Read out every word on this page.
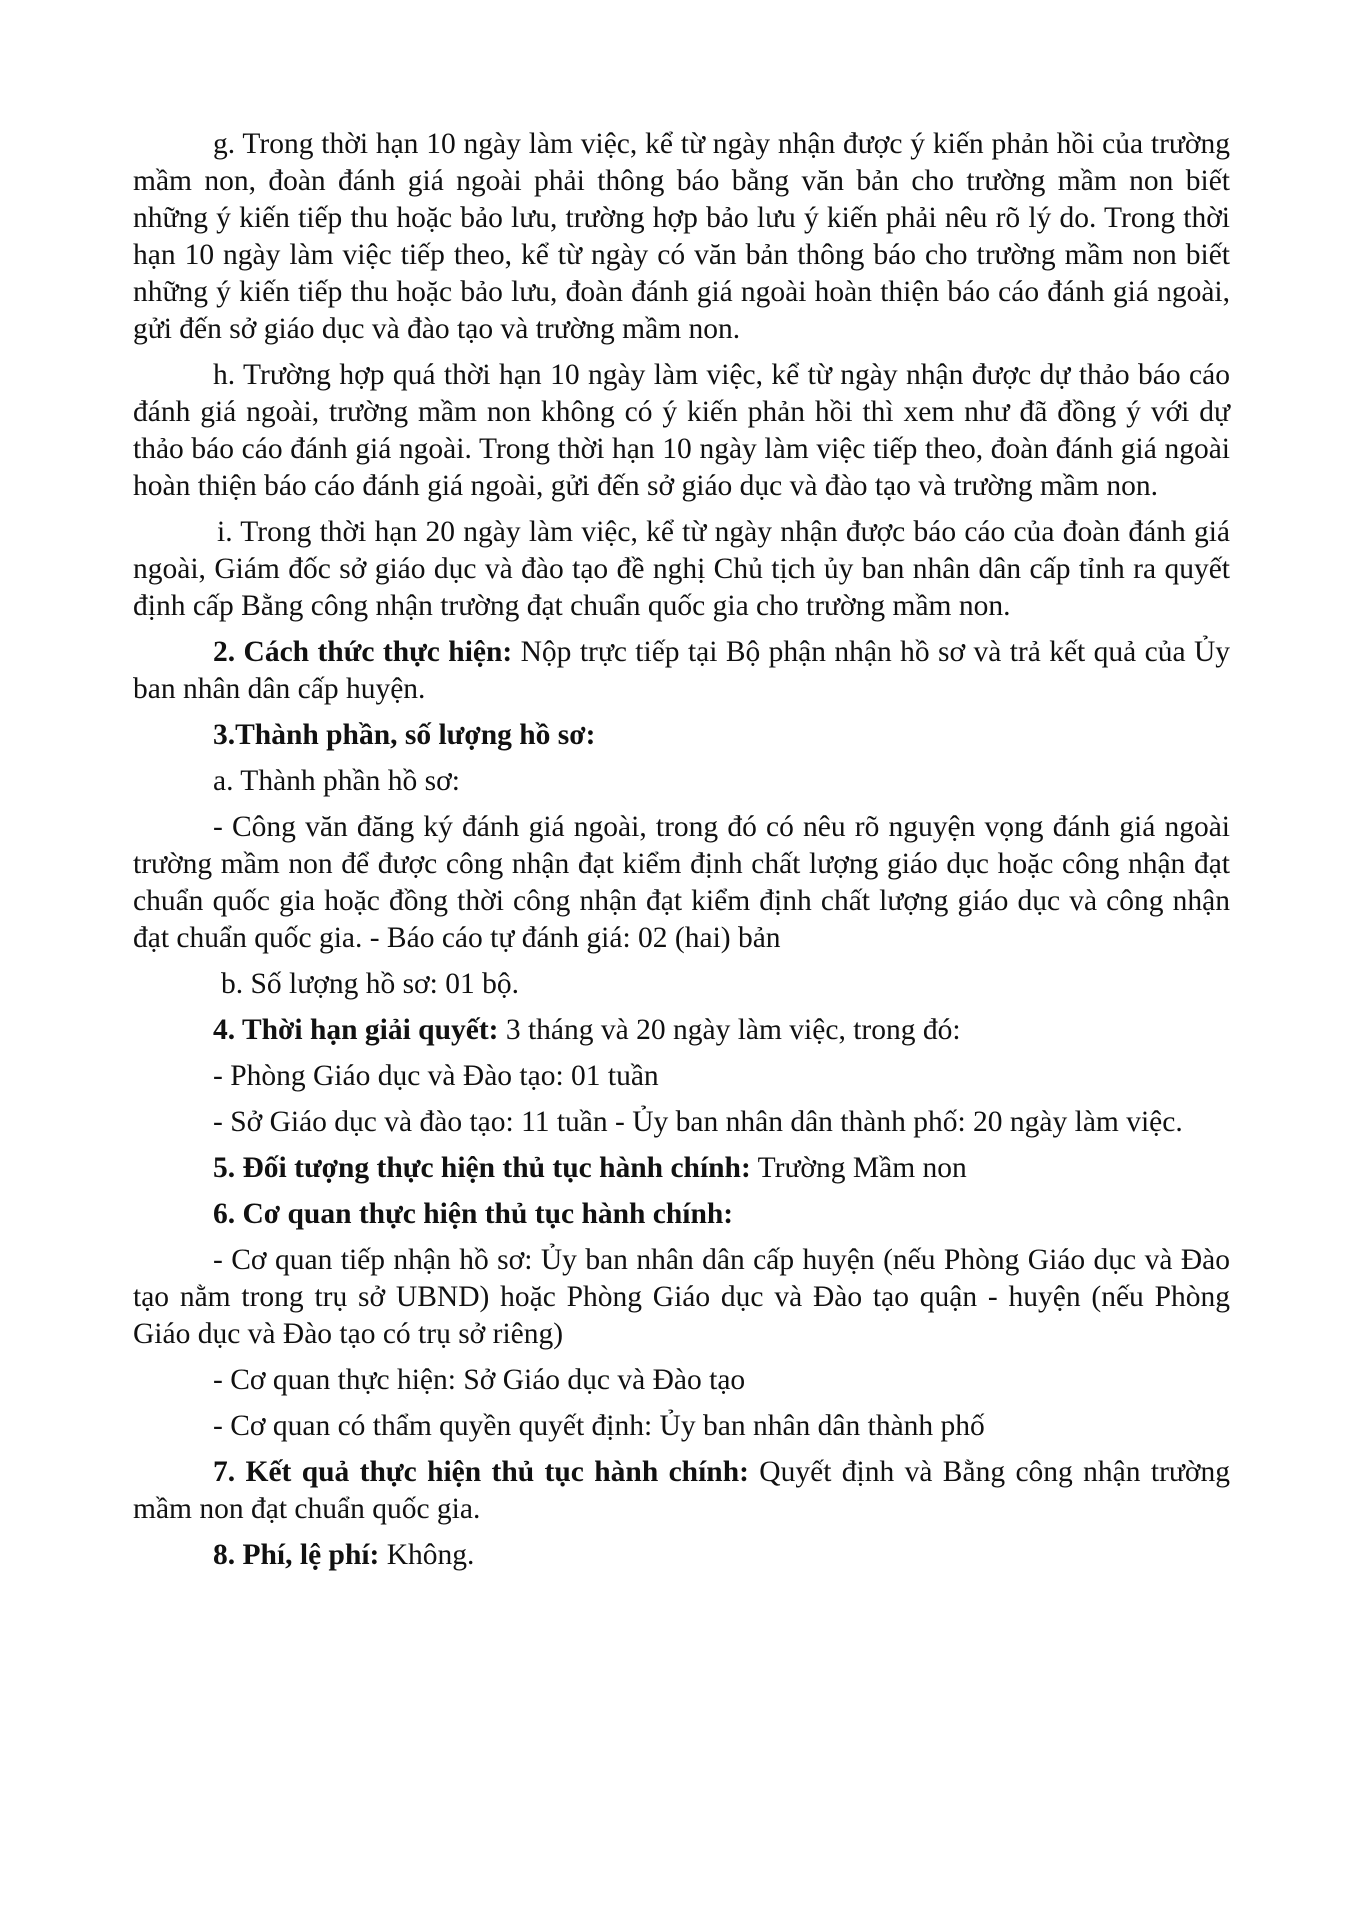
g. Trong thời hạn 10 ngày làm việc, kể từ ngày nhận được ý kiến phản hồi của trường mầm non, đoàn đánh giá ngoài phải thông báo bằng văn bản cho trường mầm non biết những ý kiến tiếp thu hoặc bảo lưu, trường hợp bảo lưu ý kiến phải nêu rõ lý do. Trong thời hạn 10 ngày làm việc tiếp theo, kể từ ngày có văn bản thông báo cho trường mầm non biết những ý kiến tiếp thu hoặc bảo lưu, đoàn đánh giá ngoài hoàn thiện báo cáo đánh giá ngoài, gửi đến sở giáo dục và đào tạo và trường mầm non.

h. Trường hợp quá thời hạn 10 ngày làm việc, kể từ ngày nhận được dự thảo báo cáo đánh giá ngoài, trường mầm non không có ý kiến phản hồi thì xem như đã đồng ý với dự thảo báo cáo đánh giá ngoài. Trong thời hạn 10 ngày làm việc tiếp theo, đoàn đánh giá ngoài hoàn thiện báo cáo đánh giá ngoài, gửi đến sở giáo dục và đào tạo và trường mầm non.

i. Trong thời hạn 20 ngày làm việc, kể từ ngày nhận được báo cáo của đoàn đánh giá ngoài, Giám đốc sở giáo dục và đào tạo đề nghị Chủ tịch ủy ban nhân dân cấp tỉnh ra quyết định cấp Bằng công nhận trường đạt chuẩn quốc gia cho trường mầm non.

2. Cách thức thực hiện: Nộp trực tiếp tại Bộ phận nhận hồ sơ và trả kết quả của Ủy ban nhân dân cấp huyện.

3.Thành phần, số lượng hồ sơ:

a. Thành phần hồ sơ:

- Công văn đăng ký đánh giá ngoài, trong đó có nêu rõ nguyện vọng đánh giá ngoài trường mầm non để được công nhận đạt kiểm định chất lượng giáo dục hoặc công nhận đạt chuẩn quốc gia hoặc đồng thời công nhận đạt kiểm định chất lượng giáo dục và công nhận đạt chuẩn quốc gia. - Báo cáo tự đánh giá: 02 (hai) bản

b. Số lượng hồ sơ: 01 bộ.

4. Thời hạn giải quyết: 3 tháng và 20 ngày làm việc, trong đó:

- Phòng Giáo dục và Đào tạo: 01 tuần

- Sở Giáo dục và đào tạo: 11 tuần - Ủy ban nhân dân thành phố: 20 ngày làm việc.

5. Đối tượng thực hiện thủ tục hành chính: Trường Mầm non

6. Cơ quan thực hiện thủ tục hành chính:

- Cơ quan tiếp nhận hồ sơ: Ủy ban nhân dân cấp huyện (nếu Phòng Giáo dục và Đào tạo nằm trong trụ sở UBND) hoặc Phòng Giáo dục và Đào tạo quận - huyện (nếu Phòng Giáo dục và Đào tạo có trụ sở riêng)

- Cơ quan thực hiện: Sở Giáo dục và Đào tạo

- Cơ quan có thẩm quyền quyết định: Ủy ban nhân dân thành phố

7. Kết quả thực hiện thủ tục hành chính: Quyết định và Bằng công nhận trường mầm non đạt chuẩn quốc gia.

8. Phí, lệ phí: Không.
